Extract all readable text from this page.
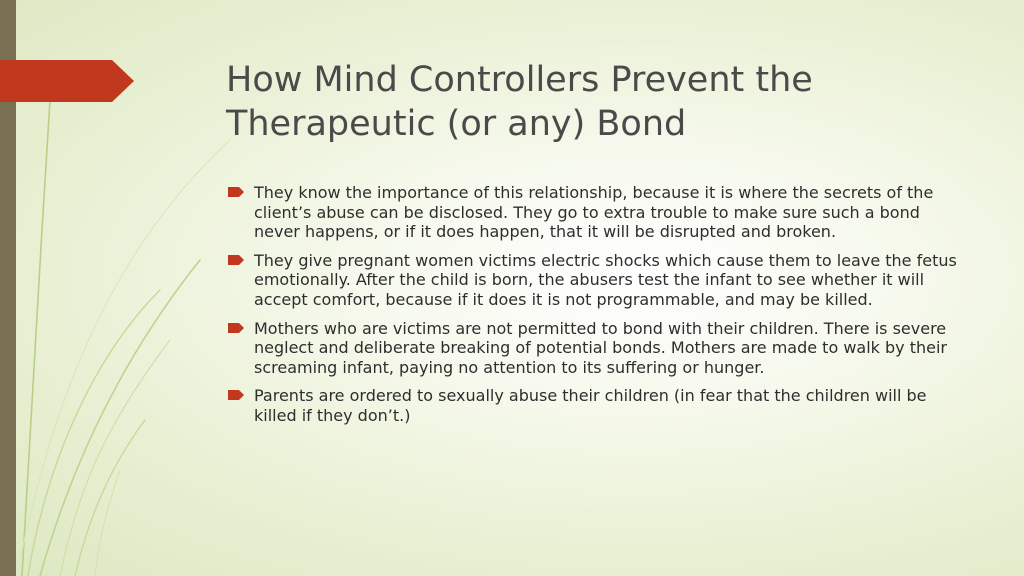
How Mind Controllers Prevent the Therapeutic (or any) Bond
They know the importance of this relationship, because it is where the secrets of the client’s abuse can be disclosed. They go to extra trouble to make sure such a bond never happens, or if it does happen, that it will be disrupted and broken.
They give pregnant women victims electric shocks which cause them to leave the fetus emotionally. After the child is born, the abusers test the infant to see whether it will accept comfort, because if it does it is not programmable, and may be killed.
Mothers who are victims are not permitted to bond with their children. There is severe neglect and deliberate breaking of potential bonds. Mothers are made to walk by their screaming infant, paying no attention to its suffering or hunger.
Parents are ordered to sexually abuse their children (in fear that the children will be killed if they don’t.)
